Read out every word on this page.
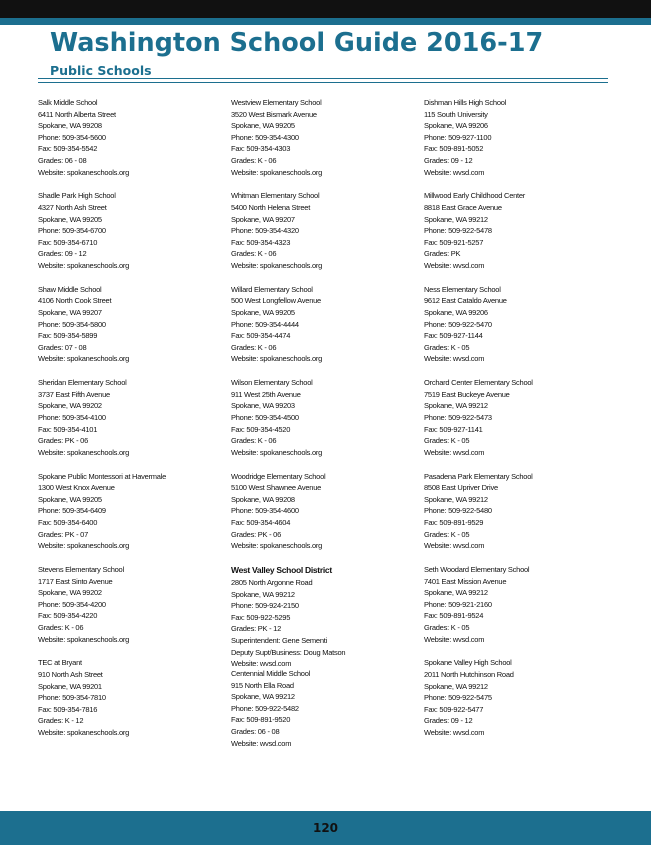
Washington School Guide 2016-17
Public Schools
Salk Middle School
6411 North Alberta Street
Spokane, WA 99208
Phone: 509-354-5600
Fax: 509-354-5542
Grades: 06 - 08
Website: spokaneschools.org
Shadle Park High School
4327 North Ash Street
Spokane, WA 99205
Phone: 509-354-6700
Fax: 509-354-6710
Grades: 09 - 12
Website: spokaneschools.org
Shaw Middle School
4106 North Cook Street
Spokane, WA 99207
Phone: 509-354-5800
Fax: 509-354-5899
Grades: 07 - 08
Website: spokaneschools.org
Sheridan Elementary School
3737 East Fifth Avenue
Spokane, WA 99202
Phone: 509-354-4100
Fax: 509-354-4101
Grades: PK - 06
Website: spokaneschools.org
Spokane Public Montessori at Havermale
1300 West Knox Avenue
Spokane, WA 99205
Phone: 509-354-6409
Fax: 509-354-6400
Grades: PK - 07
Website: spokaneschools.org
Stevens Elementary School
1717 East Sinto Avenue
Spokane, WA 99202
Phone: 509-354-4200
Fax: 509-354-4220
Grades: K - 06
Website: spokaneschools.org
TEC at Bryant
910 North Ash Street
Spokane, WA 99201
Phone: 509-354-7810
Fax: 509-354-7816
Grades: K - 12
Website: spokaneschools.org
Westview Elementary School
3520 West Bismark Avenue
Spokane, WA 99205
Phone: 509-354-4300
Fax: 509-354-4303
Grades: K - 06
Website: spokaneschools.org
Whitman Elementary School
5400 North Helena Street
Spokane, WA 99207
Phone: 509-354-4320
Fax: 509-354-4323
Grades: K - 06
Website: spokaneschools.org
Willard Elementary School
500 West Longfellow Avenue
Spokane, WA 99205
Phone: 509-354-4444
Fax: 509-354-4474
Grades: K - 06
Website: spokaneschools.org
Wilson Elementary School
911 West 25th Avenue
Spokane, WA 99203
Phone: 509-354-4500
Fax: 509-354-4520
Grades: K - 06
Website: spokaneschools.org
Woodridge Elementary School
5100 West Shawnee Avenue
Spokane, WA 99208
Phone: 509-354-4600
Fax: 509-354-4604
Grades: PK - 06
Website: spokaneschools.org
West Valley School District
2805 North Argonne Road
Spokane, WA 99212
Phone: 509-924-2150
Fax: 509-922-5295
Grades: PK - 12
Superintendent: Gene Sementi
Deputy Supt/Business: Doug Matson
Website: wvsd.com
Centennial Middle School
915 North Ella Road
Spokane, WA 99212
Phone: 509-922-5482
Fax: 509-891-9520
Grades: 06 - 08
Website: wvsd.com
Dishman Hills High School
115 South University
Spokane, WA 99206
Phone: 509-927-1100
Fax: 509-891-5052
Grades: 09 - 12
Website: wvsd.com
Millwood Early Childhood Center
8818 East Grace Avenue
Spokane, WA 99212
Phone: 509-922-5478
Fax: 509-921-5257
Grades: PK
Website: wvsd.com
Ness Elementary School
9612 East Cataldo Avenue
Spokane, WA 99206
Phone: 509-922-5470
Fax: 509-927-1144
Grades: K - 05
Website: wvsd.com
Orchard Center Elementary School
7519 East Buckeye Avenue
Spokane, WA 99212
Phone: 509-922-5473
Fax: 509-927-1141
Grades: K - 05
Website: wvsd.com
Pasadena Park Elementary School
8508 East Upriver Drive
Spokane, WA 99212
Phone: 509-922-5480
Fax: 509-891-9529
Grades: K - 05
Website: wvsd.com
Seth Woodard Elementary School
7401 East Mission Avenue
Spokane, WA 99212
Phone: 509-921-2160
Fax: 509-891-9524
Grades: K - 05
Website: wvsd.com
Spokane Valley High School
2011 North Hutchinson Road
Spokane, WA 99212
Phone: 509-922-5475
Fax: 509-922-5477
Grades: 09 - 12
Website: wvsd.com
120
